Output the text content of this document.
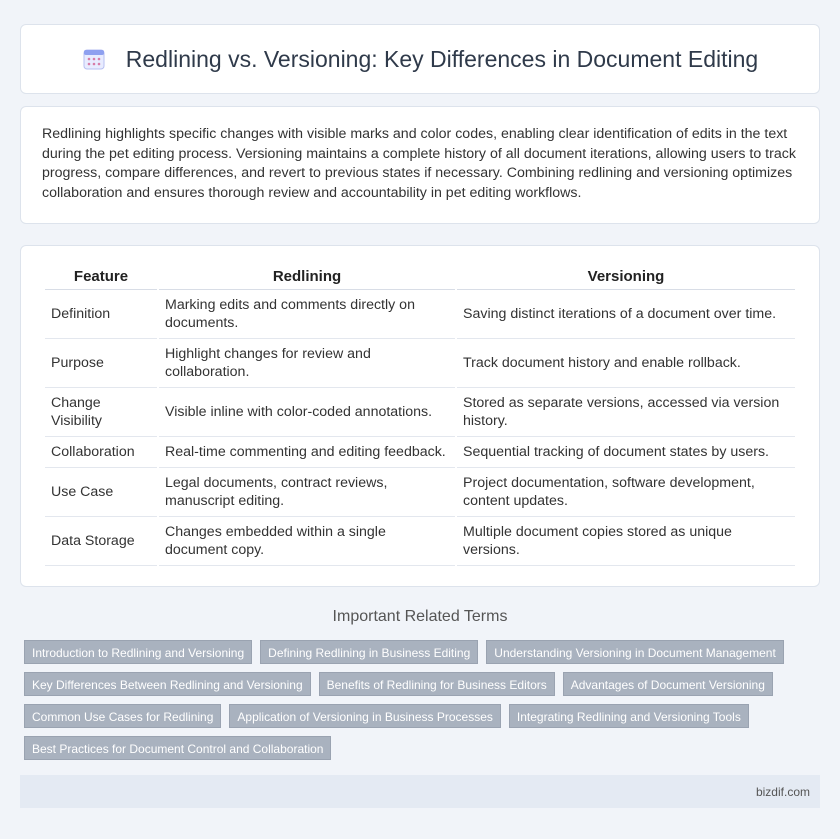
Redlining vs. Versioning: Key Differences in Document Editing

Redlining highlights specific changes with visible marks and color codes, enabling clear identification of edits in the text during the pet editing process. Versioning maintains a complete history of all document iterations, allowing users to track progress, compare differences, and revert to previous states if necessary. Combining redlining and versioning optimizes collaboration and ensures thorough review and accountability in pet editing workflows.

Feature	Redlining	Versioning
Definition	Marking edits and comments directly on documents.	Saving distinct iterations of a document over time.
Purpose	Highlight changes for review and collaboration.	Track document history and enable rollback.
Change Visibility	Visible inline with color-coded annotations.	Stored as separate versions, accessed via version history.
Collaboration	Real-time commenting and editing feedback.	Sequential tracking of document states by users.
Use Case	Legal documents, contract reviews, manuscript editing.	Project documentation, software development, content updates.
Data Storage	Changes embedded within a single document copy.	Multiple document copies stored as unique versions.
Important Related Terms
Introduction to Redlining and Versioning	Defining Redlining in Business Editing	Understanding Versioning in Document Management
Key Differences Between Redlining and Versioning	Benefits of Redlining for Business Editors	Advantages of Document Versioning
Common Use Cases for Redlining	Application of Versioning in Business Processes	Integrating Redlining and Versioning Tools
Best Practices for Document Control and Collaboration
bizdif.com
